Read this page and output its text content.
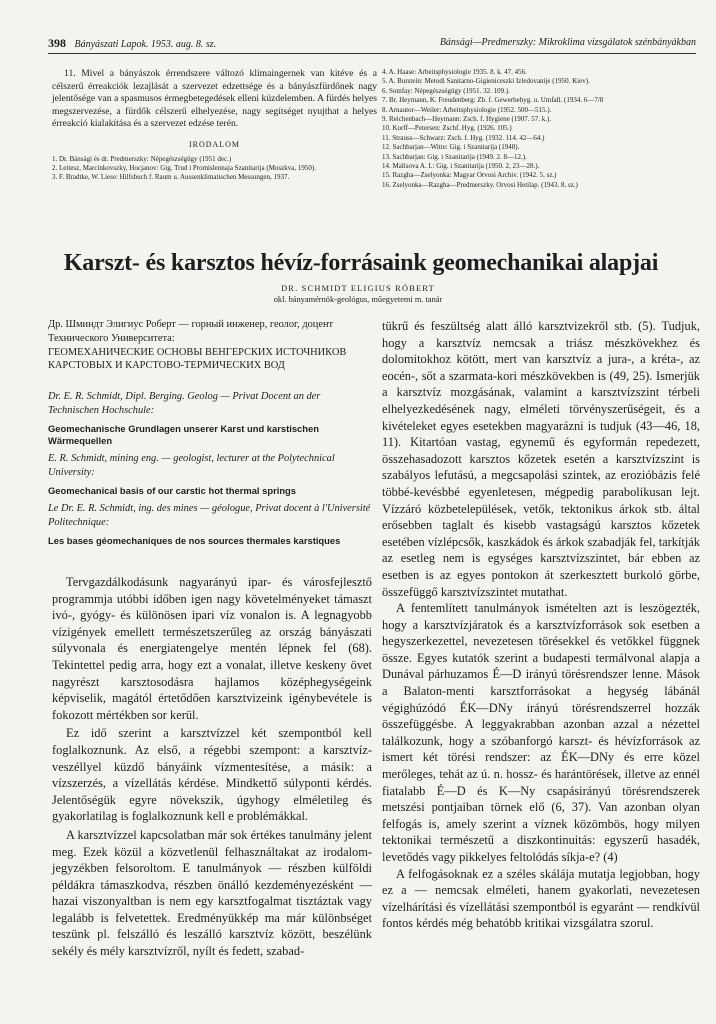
398 Bányászati Lapok. 1953. aug. 8. sz.	Bánsági—Predmerszky: Mikroklima vizsgálatok szénbányákban

11. Mivel a bányászok érrendszere változó klimaingernek van kitéve és a célszerű érreakciók lezajlását a szervezet edzettsége és a bányászfürdőnek nagy jelentősége van a spasmusos érmegbetegedések elleni küzdelemben. A fürdés helyes megszervezése, a fürdők célszerű elhelyezése, nagy segítséget nyujthat a helyes érreakció kialakítása és a szervezet edzése terén.

IRODALOM

1. Dr. Bánsági és dr. Predmerszky: Népegészségügy (1951 dec.)

2. Leitesz, Marcinkovszky, Hocjanov: Gig. Trud i Promislennaja Szanitarija (Moszkva, 1950).

3. F. Bradtke, W. Liese: Hilfsbuch f. Raum u. Aussenklimatischen Messungen, 1937.

4. A. Haase: Arbeitsphysiologie 1935. 8. k. 47. 456.

5. A. Burstein: Metodi Sanitarno-Gigieniceszki Izledovanije (1950. Kiev).

6. Somfay: Népegészségügy (1951. 32. 109.).

7. Br. Heymann, K. Freudenberg: Zb. f. Gewerbehyg. u. Umfall. (1934. 6—7/8

8. Arnautor—Weiler: Arbeitsphysiologie (1952. 500—515.).

9. Reichenbach—Heymann: Zsch. f. Hygiene (1907. 57. k.).

10. Korff—Petersen: Zschf. Hyg. (1926. 105.)

11. Strauss—Schwarz: Zsch. f. Hyg. (1932. 114. 42—64.)

12. Sachbarjan—Witte: Gig. i Szanitarija (1948).

13. Sachbarjan: Gig. i Szanitarija (1949. 2. 8—12.).

14. Malisova A. I.: Gig. i Szanitarija (1950. 2, 23—28.).

15. Razgha—Zselyonka: Magyar Orvosi Archiv. (1942. 5. sz.)

16. Zselyonka—Razgha—Predmerszky. Orvosi Hetilap. (1943. 8. sz.)

Karszt- és karsztos hévíz-forrásaink geomechanikai alapjai
DR. SCHMIDT ELIGIUS RÓBERT
okl. bányamérnök-geológus, műegyetemi m. tanár
Др. Шминдт Элигиус Роберт — горный инженер, геолог, доцент Технического Университета:
ГЕОМЕХАНИЧЕСКИЕ ОСНОВЫ ВЕНГЕРСКИХ ИСТОЧНИКОВ КАРСТОВЫХ И КАРСТОВО-ТЕРМИЧЕСКИХ ВОД
Dr. E. R. Schmidt, Dipl. Berging. Geolog — Privat Docent an der Technischen Hochschule:
Geomechanische Grundlagen unserer Karst und karstischen Wärmequellen
E. R. Schmidt, mining eng. — geologist, lecturer at the Polytechnical University:
Geomechanical basis of our carstic hot thermal springs
Le Dr. E. R. Schmidt, ing. des mines — géologue, Privat docent à l'Université Politechnique:
Les bases géomechaniques de nos sources thermales karstiques

Tervgazdálkodásunk nagyarányú ipar- és városfejlesztő programmja utóbbi időben igen nagy követelményeket támaszt ivó-, gyógy- és különösen ipari víz vonalon is. A legnagyobb vízigények emellett természetszerűleg az ország bányászati súlyvonala és energiatengelye mentén lépnek fel (68). Tekintettel pedig arra, hogy ezt a vonalat, illetve keskeny övet nagyrészt karsztosodásra hajlamos középhegységeink képviselik, magától értetődően karsztvizeink igénybevétele is fokozott mértékben sor kerül.

Ez idő szerint a karsztvízzel két szempontból kell foglalkoznunk. Az első, a régebbi szempont: a karsztvíz-veszéllyel küzdő bányáink vízmentesítése, a másik: a vízszerzés, a vízellátás kérdése. Mindkettő súlyponti kérdés. Jelentőségük egyre növekszik, úgyhogy elméletileg és gyakorlatilag is foglalkoznunk kell e problémákkal.

A karsztvízzel kapcsolatban már sok értékes tanulmány jelent meg. Ezek közül a közvetlenül felhasználtakat az irodalom-jegyzékben felsoroltom. E tanulmányok — részben külföldi példákra támaszkodva, részben önálló kezdeményezésként — hazai viszonyaltban is nem egy karsztfogalmat tisztáztak vagy legalább is felvetettek. Eredményükkép ma már különbséget teszünk pl. felszálló és leszálló karsztvíz között, beszélünk sekély és mély karsztvízről, nyílt és fedett, szabad-

tükrű és feszültség alatt álló karsztvizekről stb. (5). Tudjuk, hogy a karsztvíz nemcsak a triász mészkövekhez és dolomitokhoz kötött, mert van karsztvíz a jura-, a kréta-, az eocén-, sőt a szarmata-kori mészkövekben is (49, 25). Ismerjük a karsztvíz mozgásának, valamint a karsztvízszint térbeli elhelyezkedésének nagy, elméleti törvényszerűségeit, és a kivételeket egyes esetekben magyarázni is tudjuk (43—46, 18, 11). Kitartóan vastag, egynemű és egyformán repedezett, összehasadozott karsztos kőzetek esetén a karsztvízszint is szabályos lefutású, a megcsapolási szintek, az erozióbázis felé többé-kevésbbé egyenletesen, mégpedig parabolikusan lejt. Vízzáró közbetelepülések, vetők, tektonikus árkok stb. által erősebben taglalt és kisebb vastagságú karsztos kőzetek esetében vízlépcsők, kaszkádok és árkok szabadják fel, tarkítják az esetleg nem is egységes karsztvízszintet, bár ebben az esetben is az egyes pontokon át szerkesztett burkoló görbe, összefüggő karsztvízszintet mutathat.

A fentemlített tanulmányok ismételten azt is leszögezték, hogy a karsztvízjáratok és a karsztvízforrások sok esetben a hegyszerkezettel, nevezetesen törésekkel és vetőkkel függnek össze. Egyes kutatók szerint a budapesti termálvonal alapja a Dunával párhuzamos É—D irányú törésrendszer lenne. Mások a Balaton-menti karsztforrásokat a hegység lábánál végighúzódó ÉK—DNy irányú törésrendszerrel hozzák összefüggésbe. A leggyakrabban azonban azzal a nézettel találkozunk, hogy a szóbanforgó karszt- és hévízforrások az ismert két törési rendszer: az ÉK—DNy és erre közel merőleges, tehát az ú. n. hossz- és harántörések, illetve az ennél fiatalabb É—D és K—Ny csapásirányú törésrendszerek metszési pontjaiban törnek elő (6, 37). Van azonban olyan felfogás is, amely szerint a víznek közömbös, hogy milyen tektonikai természetű a diszkontinuitás: egyszerű hasadék, levetődés vagy pikkelyes feltolódás síkja-e? (4)

A felfogásoknak ez a széles skálája mutatja legjobban, hogy ez a — nemcsak elméleti, hanem gyakorlati, nevezetesen vízelhárítási és vízellátási szempontból is egyaránt — rendkívül fontos kérdés még behatóbb kritikai vizsgálatra szorul.
